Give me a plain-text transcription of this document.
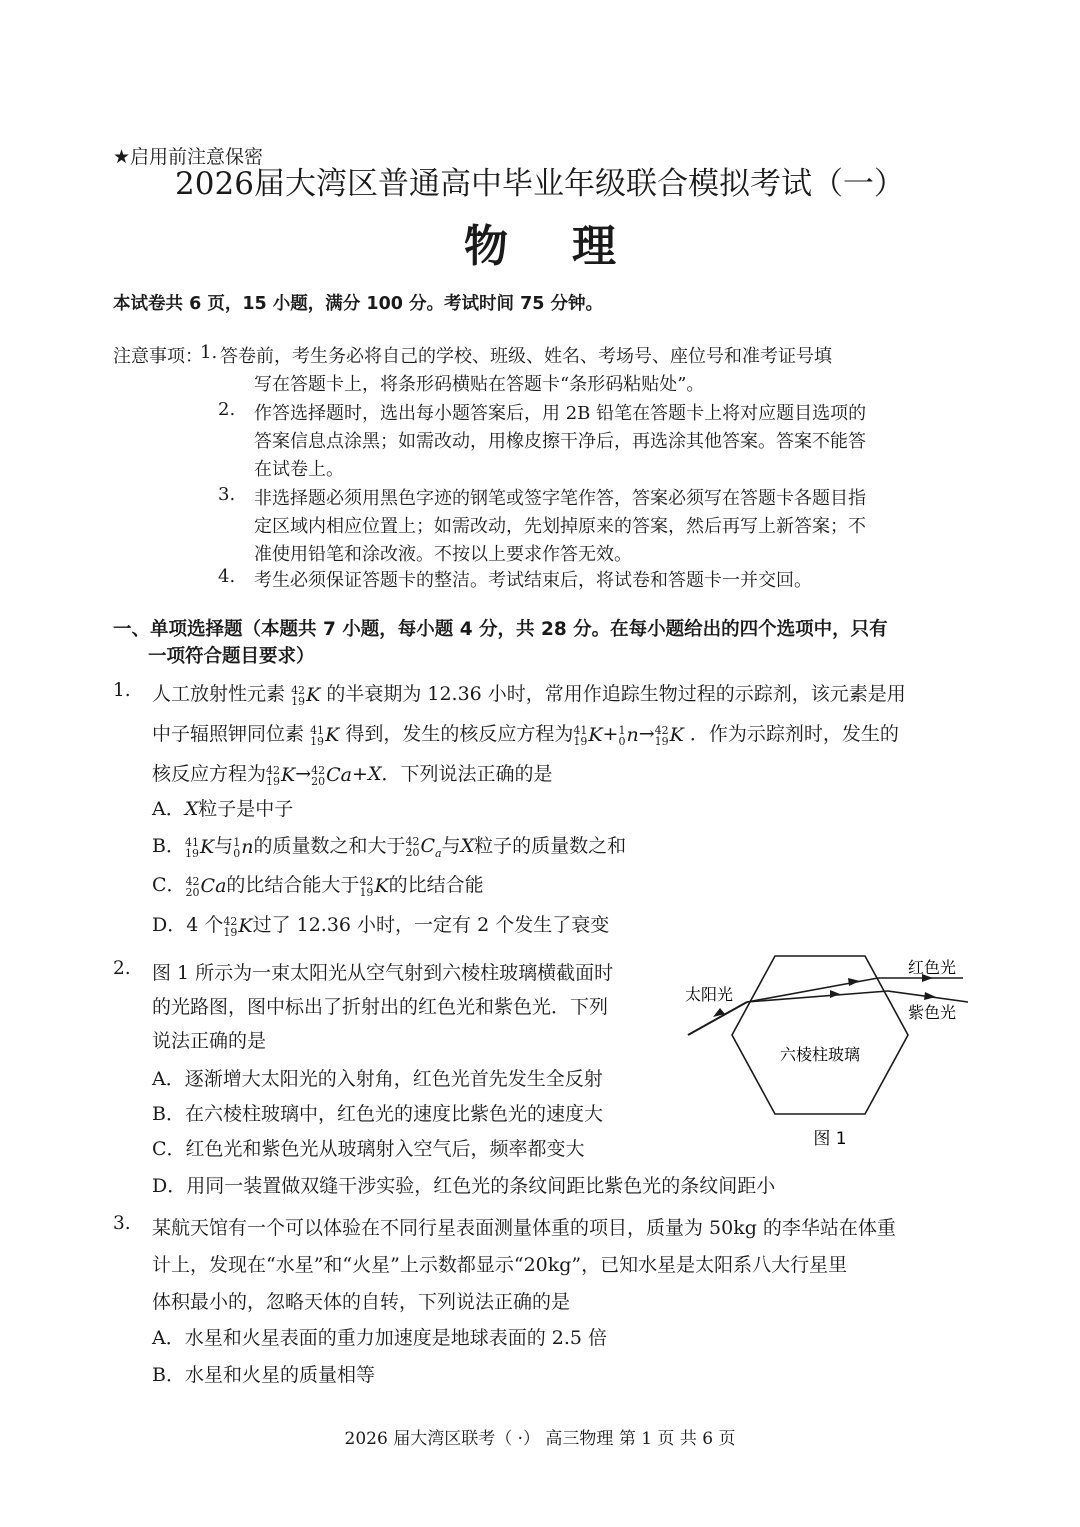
★启用前注意保密
2026届大湾区普通高中毕业年级联合模拟考试（一）
物 理
本试卷共 6 页，15 小题，满分 100 分。考试时间 75 分钟。
注意事项：
1. 答卷前，考生务必将自己的学校、班级、姓名、考场号、座位号和准考证号填
写在答题卡上，将条形码横贴在答题卡“条形码粘贴处”。
2. 作答选择题时，选出每小题答案后，用 2B 铅笔在答题卡上将对应题目选项的
答案信息点涂黑；如需改动，用橡皮擦干净后，再选涂其他答案。答案不能答
在试卷上。
3. 非选择题必须用黑色字迹的钢笔或签字笔作答，答案必须写在答题卡各题目指
定区域内相应位置上；如需改动，先划掉原来的答案，然后再写上新答案；不
准使用铅笔和涂改液。不按以上要求作答无效。
4. 考生必须保证答题卡的整洁。考试结束后，将试卷和答题卡一并交回。
一、单项选择题（本题共 7 小题，每小题 4 分，共 28 分。在每小题给出的四个选项中，只有
一项符合题目要求）
1. 人工放射性元素 42
19 K 的半衰期为 12.36 小时，常用作追踪生物过程的示踪剂，该元素是用
中子辐照钾同位素 41
19 K 得到，发生的核反应方程为 41
19 K+ 1
0 n→ 42
19 K ．作为示踪剂时，发生的
核反应方程为 42
19 K→ 42
20 Ca+X．下列说法正确的是
A．X粒子是中子
B． 41
19 K与 1
0 n的质量数之和大于 42
20 $C_a$与X粒子的质量数之和
C． 42
20 Ca的比结合能大于 42
19 K的比结合能
D．4 个 42
19 K过了 12.36 小时，一定有 2 个发生了衰变
2. 图 1 所示为一束太阳光从空气射到六棱柱玻璃横截面时
的光路图，图中标出了折射出的红色光和紫色光．下列
说法正确的是
A．逐渐增大太阳光的入射角，红色光首先发生全反射
B．在六棱柱玻璃中，红色光的速度比紫色光的速度大
C．红色光和紫色光从玻璃射入空气后，频率都变大
D．用同一装置做双缝干涉实验，红色光的条纹间距比紫色光的条纹间距小
太阳光
红色光
紫色光
六棱柱玻璃
图 1
3. 某航天馆有一个可以体验在不同行星表面测量体重的项目，质量为 50kg 的李华站在体重
计上，发现在“水星”和“火星”上示数都显示“20kg”，已知水星是太阳系八大行星里
体积最小的，忽略天体的自转，下列说法正确的是
A．水星和火星表面的重力加速度是地球表面的 2.5 倍
B．水星和火星的质量相等
2026 届大湾区联考（ ·） 高三物理 第 1 页 共 6 页
